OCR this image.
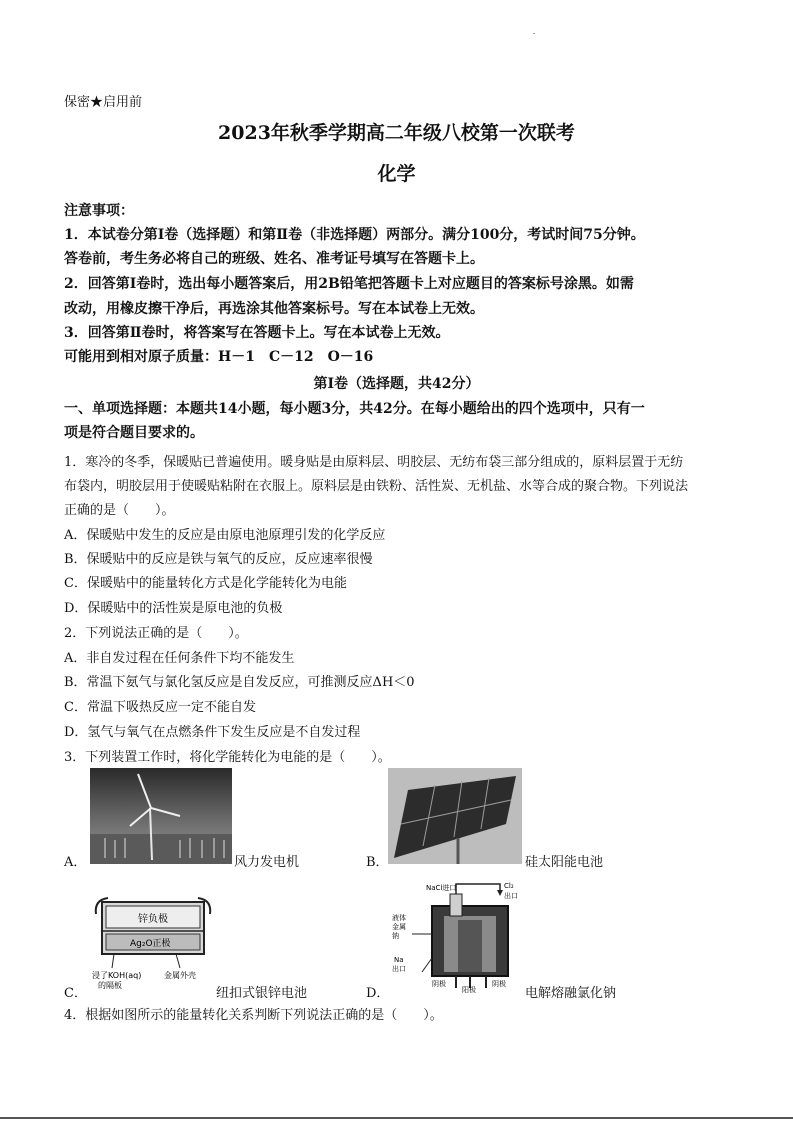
保密★启用前
2023年秋季学期高二年级八校第一次联考
化学
注意事项：
1．本试卷分第Ⅰ卷（选择题）和第Ⅱ卷（非选择题）两部分。满分100分，考试时间75分钟。
答卷前，考生务必将自己的班级、姓名、准考证号填写在答题卡上。
2．回答第Ⅰ卷时，选出每小题答案后，用2B铅笔把答题卡上对应题目的答案标号涂黑。如需
改动，用橡皮擦干净后，再选涂其他答案标号。写在本试卷上无效。
3．回答第Ⅱ卷时，将答案写在答题卡上。写在本试卷上无效。
可能用到相对原子质量：H－1　C－12　O－16
第Ⅰ卷（选择题，共42分）
一、单项选择题：本题共14小题，每小题3分，共42分。在每小题给出的四个选项中，只有一
项是符合题目要求的。
1．寒冷的冬季，保暖贴已普遍使用。暖身贴是由原料层、明胶层、无纺布袋三部分组成的，原料层置于无纺
布袋内，明胶层用于使暖贴粘附在衣服上。原料层是由铁粉、活性炭、无机盐、水等合成的聚合物。下列说法
正确的是（　　）。
A．保暖贴中发生的反应是由原电池原理引发的化学反应
B．保暖贴中的反应是铁与氧气的反应，反应速率很慢
C．保暖贴中的能量转化方式是化学能转化为电能
D．保暖贴中的活性炭是原电池的负极
2．下列说法正确的是（　　）。
A．非自发过程在任何条件下均不能发生
B．常温下氨气与氯化氢反应是自发反应，可推测反应ΔH＜0
C．常温下吸热反应一定不能自发
D．氢气与氧气在点燃条件下发生反应是不自发过程
3．下列装置工作时，将化学能转化为电能的是（　　）。
A．	风力发电机	B．	硅太阳能电池
锌负极
Ag₂O正极
浸了KOH(aq)
的隔板
金属外壳
C．	纽扣式银锌电池
NaCl进口	Cl₂
出口
Cl₂
液体
金属
钠
Na
出口
阴极
阳极
阴极
D．	电解熔融氯化钠
4．根据如图所示的能量转化关系判断下列说法正确的是（　　）。
